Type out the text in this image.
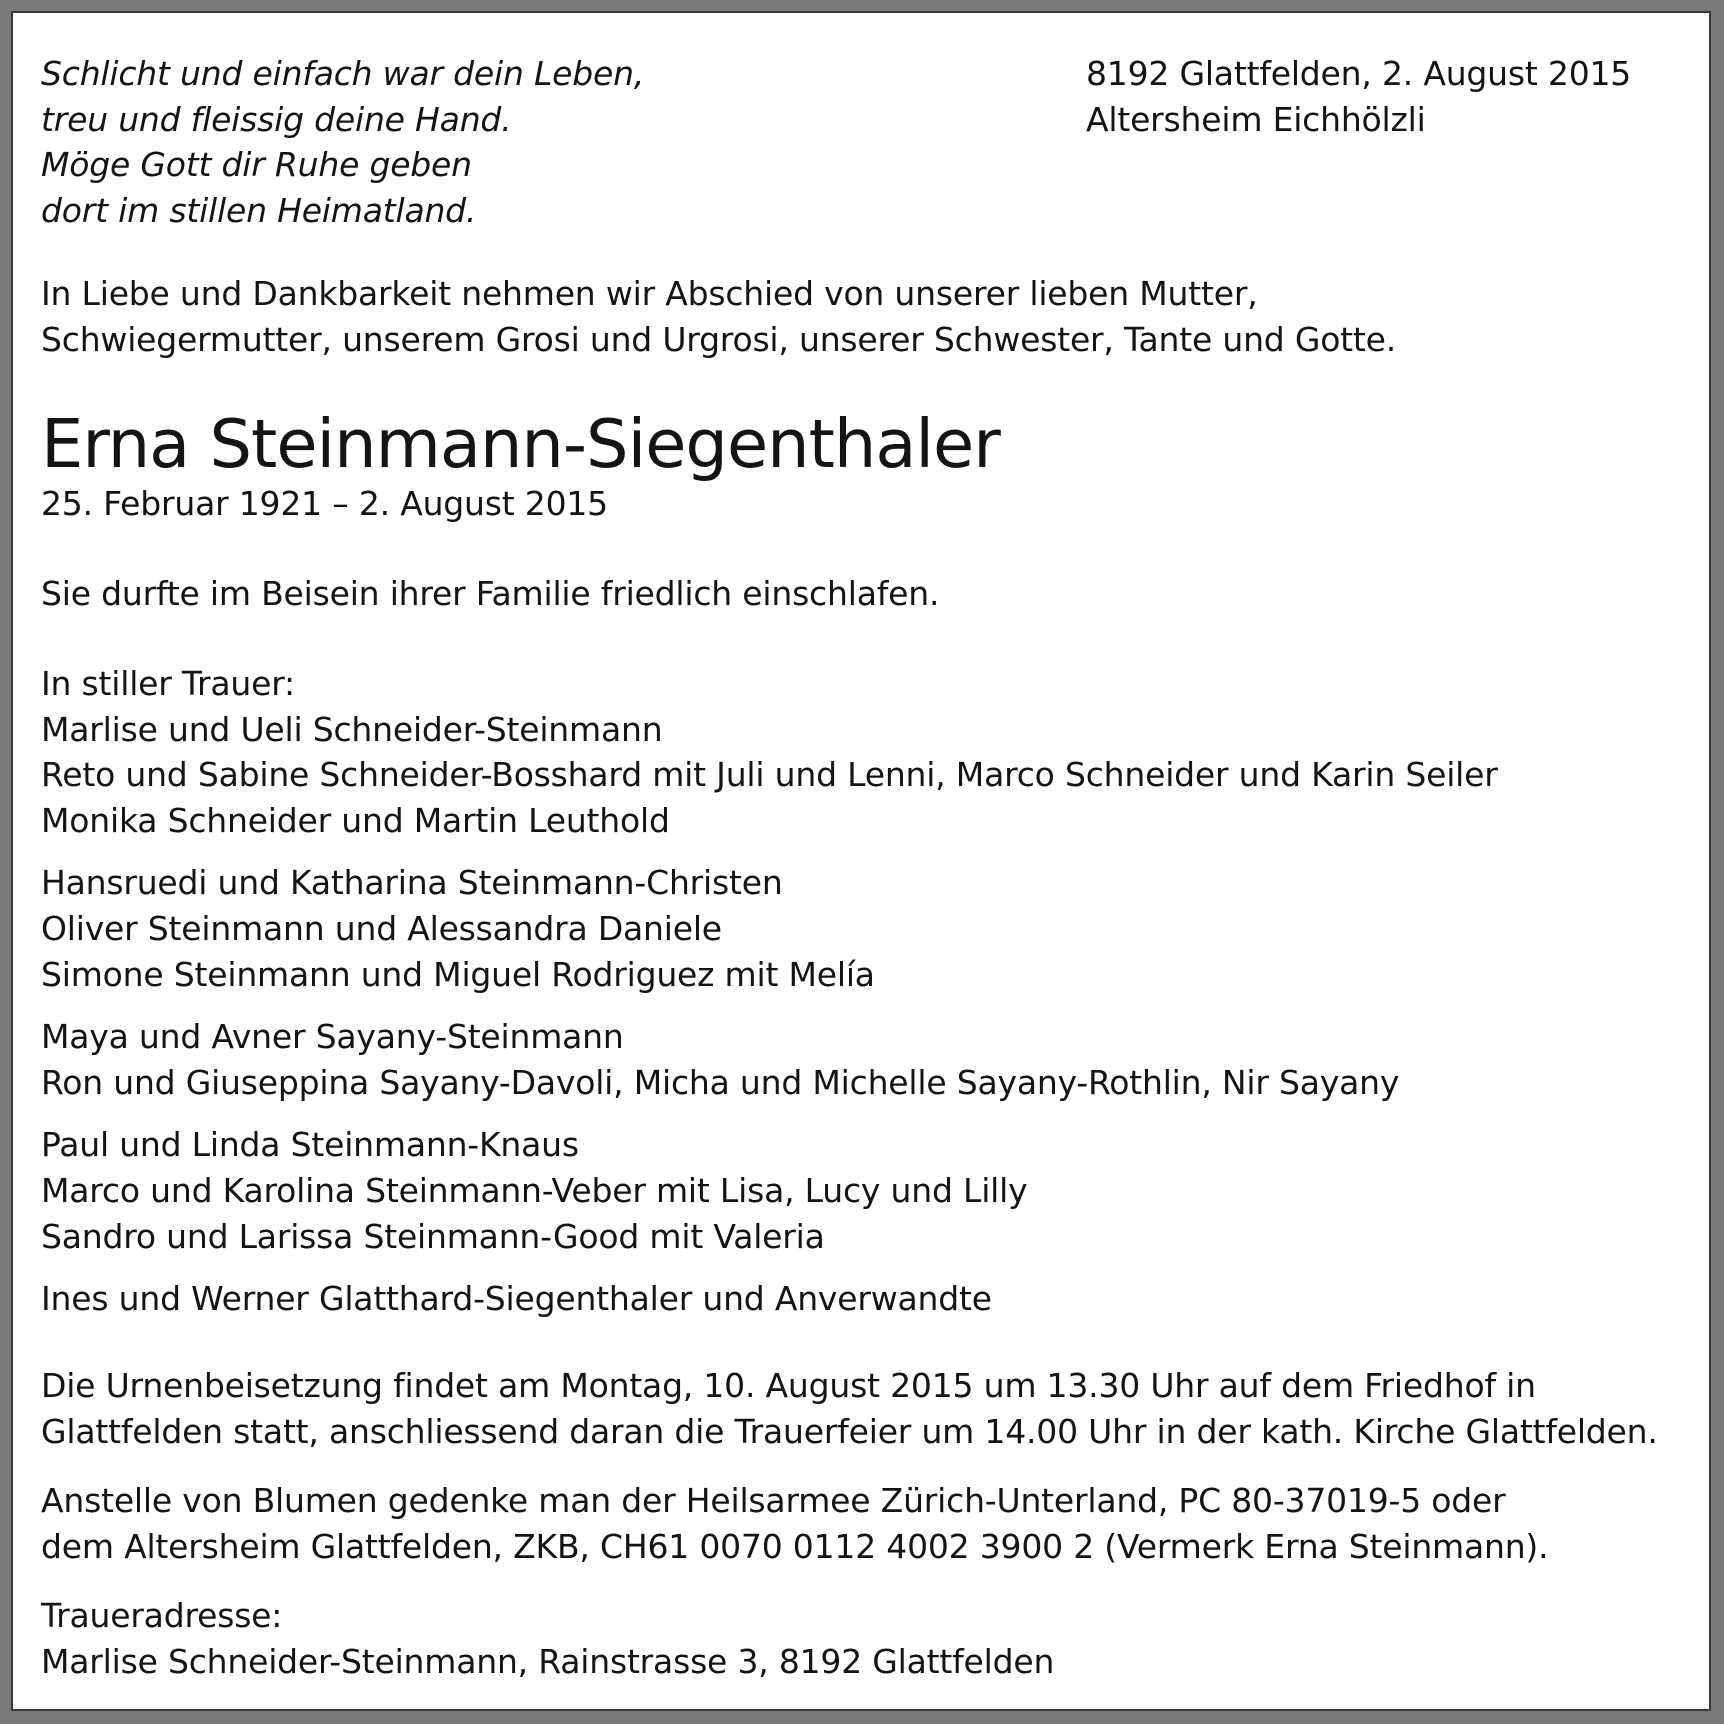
Schlicht und einfach war dein Leben,
treu und fleissig deine Hand.
Möge Gott dir Ruhe geben
dort im stillen Heimatland.
8192 Glattfelden, 2. August 2015
Altersheim Eichhölzli
In Liebe und Dankbarkeit nehmen wir Abschied von unserer lieben Mutter,
Schwiegermutter, unserem Grosi und Urgrosi, unserer Schwester, Tante und Gotte.
Erna Steinmann-Siegenthaler
25. Februar 1921 – 2. August 2015
Sie durfte im Beisein ihrer Familie friedlich einschlafen.
In stiller Trauer:
Marlise und Ueli Schneider-Steinmann
Reto und Sabine Schneider-Bosshard mit Juli und Lenni, Marco Schneider und Karin Seiler
Monika Schneider und Martin Leuthold
Hansruedi und Katharina Steinmann-Christen
Oliver Steinmann und Alessandra Daniele
Simone Steinmann und Miguel Rodriguez mit Melía
Maya und Avner Sayany-Steinmann
Ron und Giuseppina Sayany-Davoli, Micha und Michelle Sayany-Rothlin, Nir Sayany
Paul und Linda Steinmann-Knaus
Marco und Karolina Steinmann-Veber mit Lisa, Lucy und Lilly
Sandro und Larissa Steinmann-Good mit Valeria
Ines und Werner Glatthard-Siegenthaler und Anverwandte
Die Urnenbeisetzung findet am Montag, 10. August 2015 um 13.30 Uhr auf dem Friedhof in
Glattfelden statt, anschliessend daran die Trauerfeier um 14.00 Uhr in der kath. Kirche Glattfelden.
Anstelle von Blumen gedenke man der Heilsarmee Zürich-Unterland, PC 80-37019-5 oder
dem Altersheim Glattfelden, ZKB, CH61 0070 0112 4002 3900 2 (Vermerk Erna Steinmann).
Traueradresse:
Marlise Schneider-Steinmann, Rainstrasse 3, 8192 Glattfelden
